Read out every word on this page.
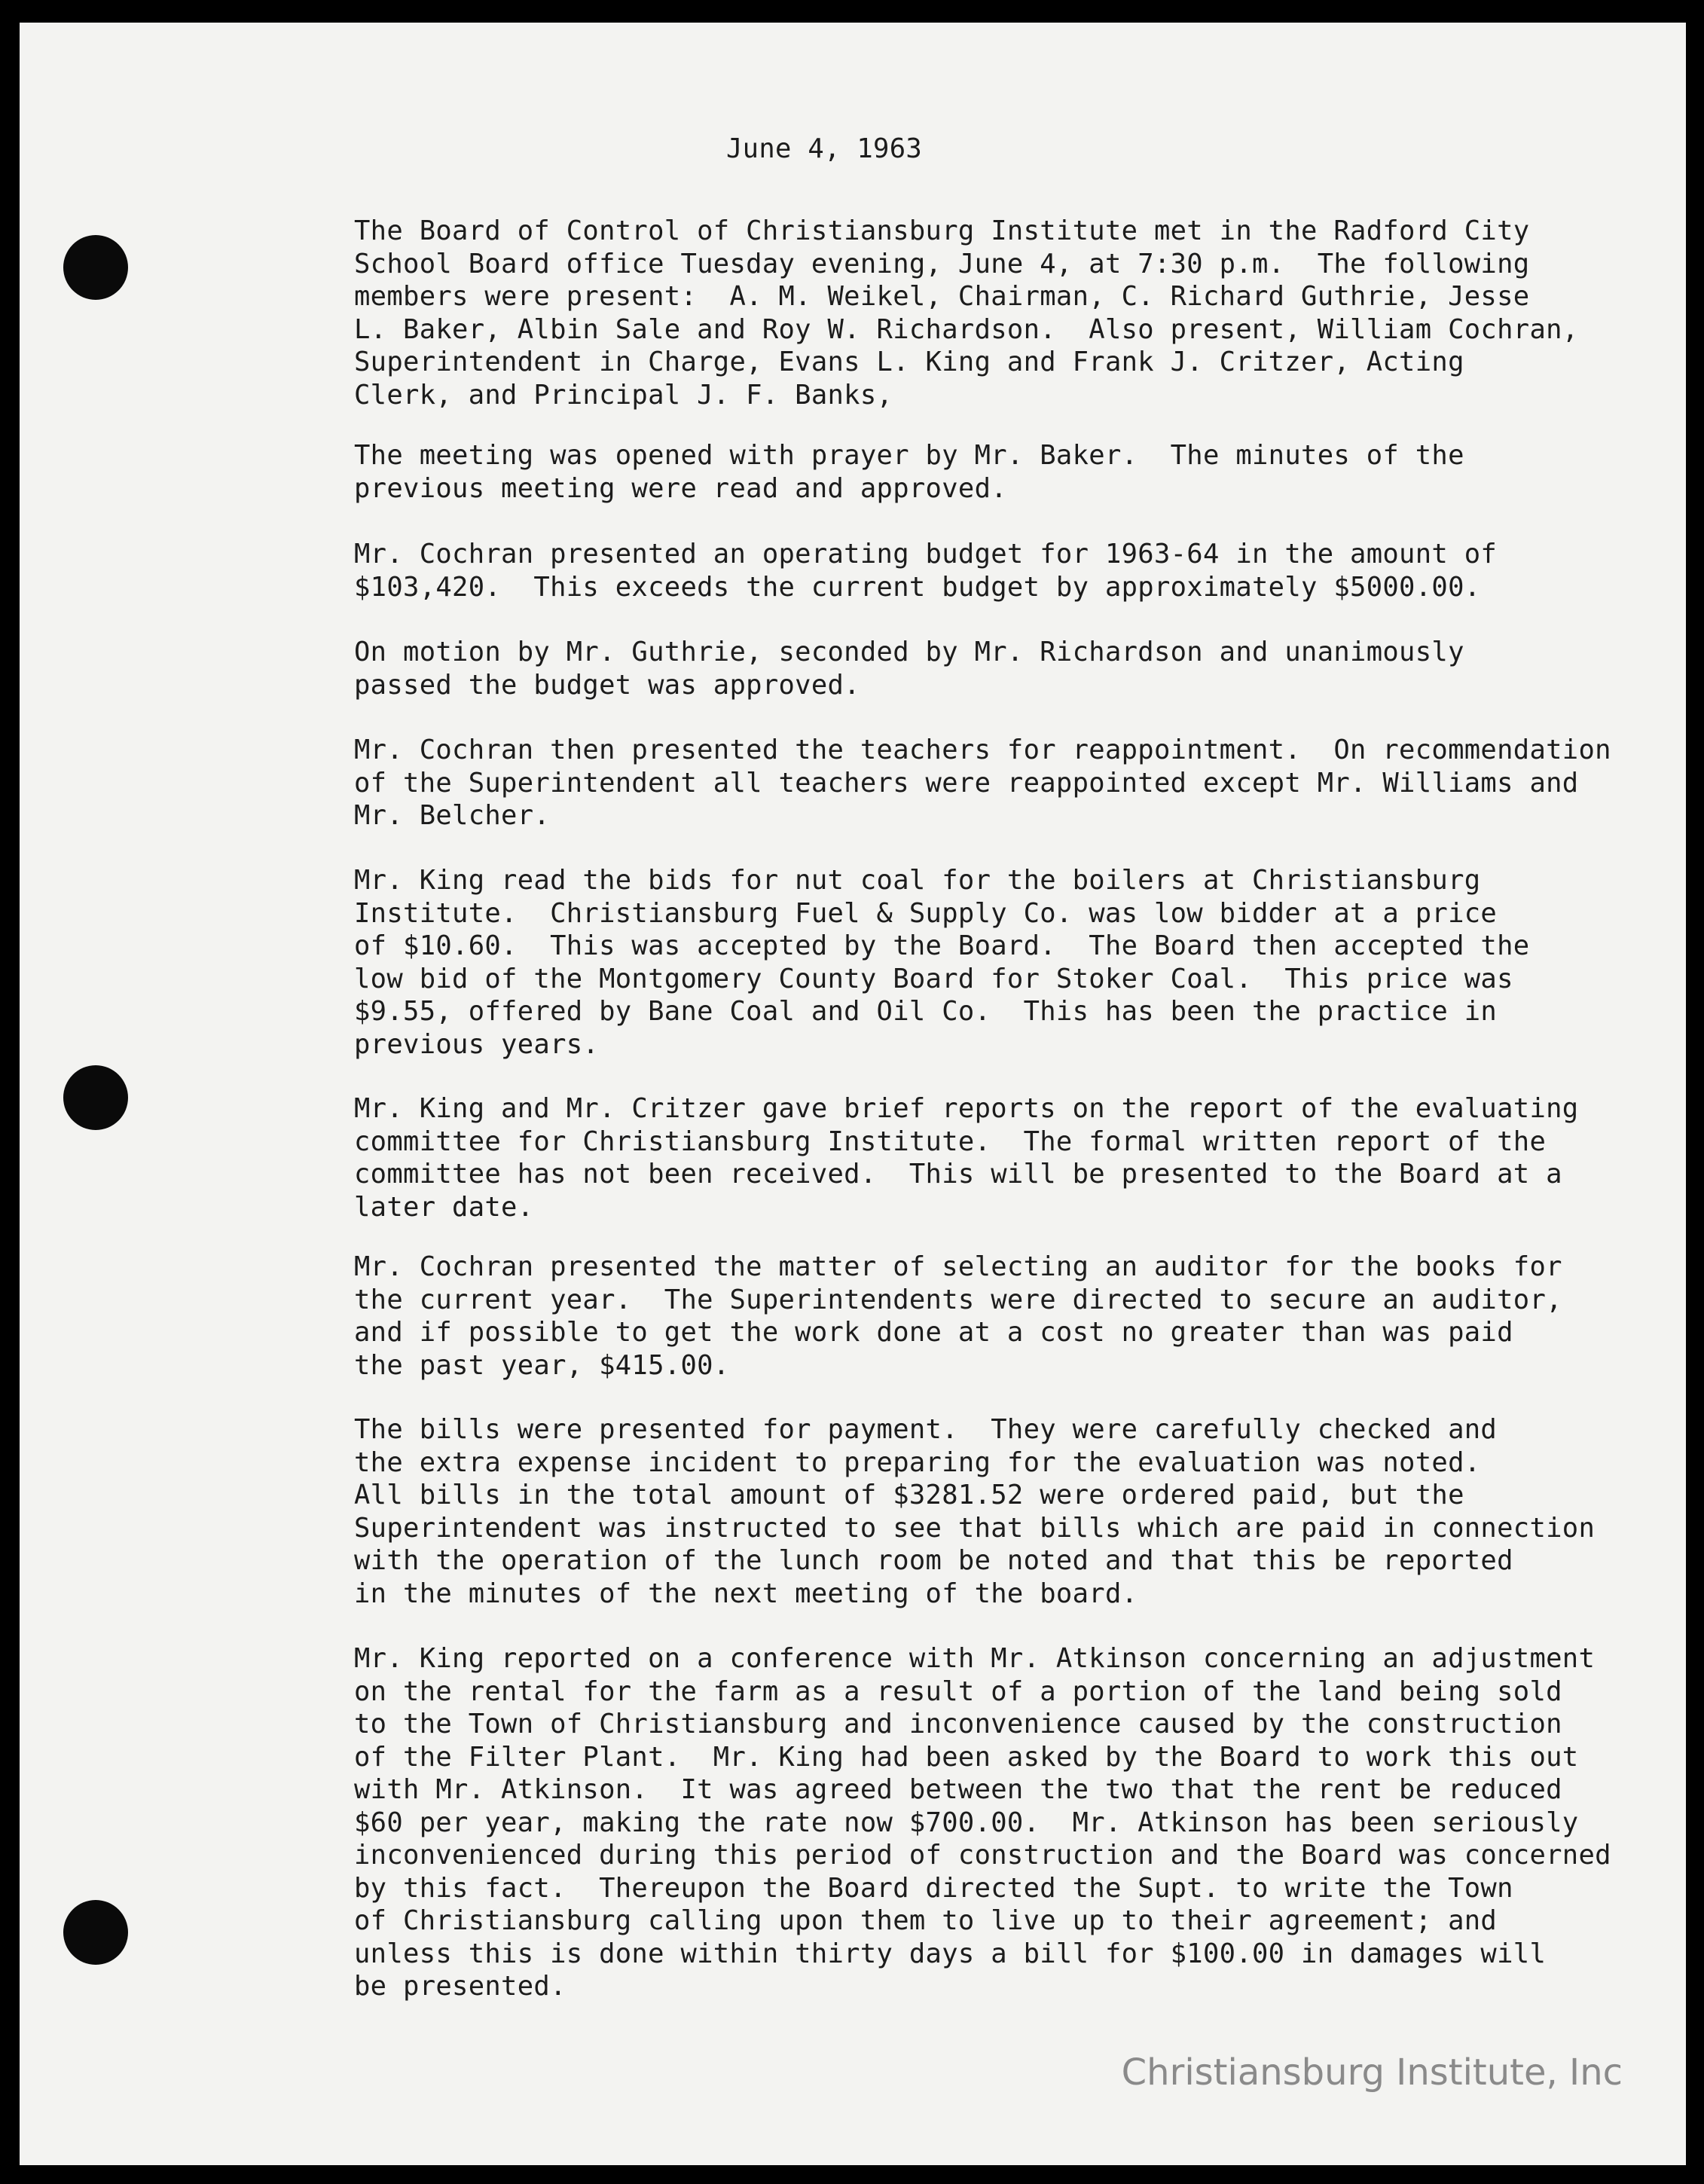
June 4, 1963

The Board of Control of Christiansburg Institute met in the Radford City
School Board office Tuesday evening, June 4, at 7:30 p.m.  The following
members were present:  A. M. Weikel, Chairman, C. Richard Guthrie, Jesse
L. Baker, Albin Sale and Roy W. Richardson.  Also present, William Cochran,
Superintendent in Charge, Evans L. King and Frank J. Critzer, Acting
Clerk, and Principal J. F. Banks,

The meeting was opened with prayer by Mr. Baker.  The minutes of the
previous meeting were read and approved.

Mr. Cochran presented an operating budget for 1963-64 in the amount of
$103,420.  This exceeds the current budget by approximately $5000.00.

On motion by Mr. Guthrie, seconded by Mr. Richardson and unanimously
passed the budget was approved.

Mr. Cochran then presented the teachers for reappointment.  On recommendation
of the Superintendent all teachers were reappointed except Mr. Williams and
Mr. Belcher.

Mr. King read the bids for nut coal for the boilers at Christiansburg
Institute.  Christiansburg Fuel & Supply Co. was low bidder at a price
of $10.60.  This was accepted by the Board.  The Board then accepted the
low bid of the Montgomery County Board for Stoker Coal.  This price was
$9.55, offered by Bane Coal and Oil Co.  This has been the practice in
previous years.

Mr. King and Mr. Critzer gave brief reports on the report of the evaluating
committee for Christiansburg Institute.  The formal written report of the
committee has not been received.  This will be presented to the Board at a
later date.

Mr. Cochran presented the matter of selecting an auditor for the books for
the current year.  The Superintendents were directed to secure an auditor,
and if possible to get the work done at a cost no greater than was paid
the past year, $415.00.

The bills were presented for payment.  They were carefully checked and
the extra expense incident to preparing for the evaluation was noted.
All bills in the total amount of $3281.52 were ordered paid, but the
Superintendent was instructed to see that bills which are paid in connection
with the operation of the lunch room be noted and that this be reported
in the minutes of the next meeting of the board.

Mr. King reported on a conference with Mr. Atkinson concerning an adjustment
on the rental for the farm as a result of a portion of the land being sold
to the Town of Christiansburg and inconvenience caused by the construction
of the Filter Plant.  Mr. King had been asked by the Board to work this out
with Mr. Atkinson.  It was agreed between the two that the rent be reduced
$60 per year, making the rate now $700.00.  Mr. Atkinson has been seriously
inconvenienced during this period of construction and the Board was concerned
by this fact.  Thereupon the Board directed the Supt. to write the Town
of Christiansburg calling upon them to live up to their agreement; and
unless this is done within thirty days a bill for $100.00 in damages will
be presented.

Christiansburg Institute, Inc
